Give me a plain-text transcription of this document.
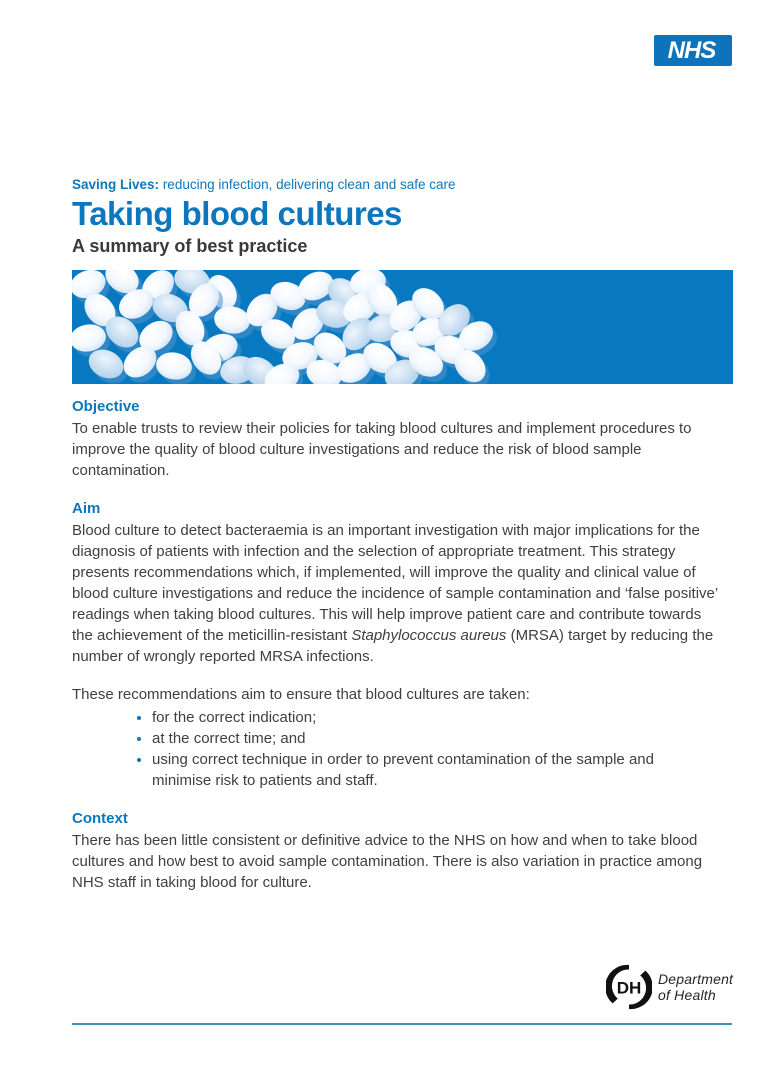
NHS
Saving Lives: reducing infection, delivering clean and safe care
Taking blood cultures
A summary of best practice
Objective

To enable trusts to review their policies for taking blood cultures and implement procedures to improve the quality of blood culture investigations and reduce the risk of blood sample contamination.

Aim

Blood culture to detect bacteraemia is an important investigation with major implications for the diagnosis of patients with infection and the selection of appropriate treatment. This strategy presents recommendations which, if implemented, will improve the quality and clinical value of blood culture investigations and reduce the incidence of sample contamination and ‘false positive’ readings when taking blood cultures. This will help improve patient care and contribute towards the achievement of the meticillin-resistant Staphylococcus aureus (MRSA) target by reducing the number of wrongly reported MRSA infections.

These recommendations aim to ensure that blood cultures are taken:

• for the correct indication;
• at the correct time; and
• using correct technique in order to prevent contamination of the sample and minimise risk to patients and staff.
Context

There has been little consistent or definitive advice to the NHS on how and when to take blood cultures and how best to avoid sample contamination. There is also variation in practice among NHS staff in taking blood for culture.

DH Department
of Health
